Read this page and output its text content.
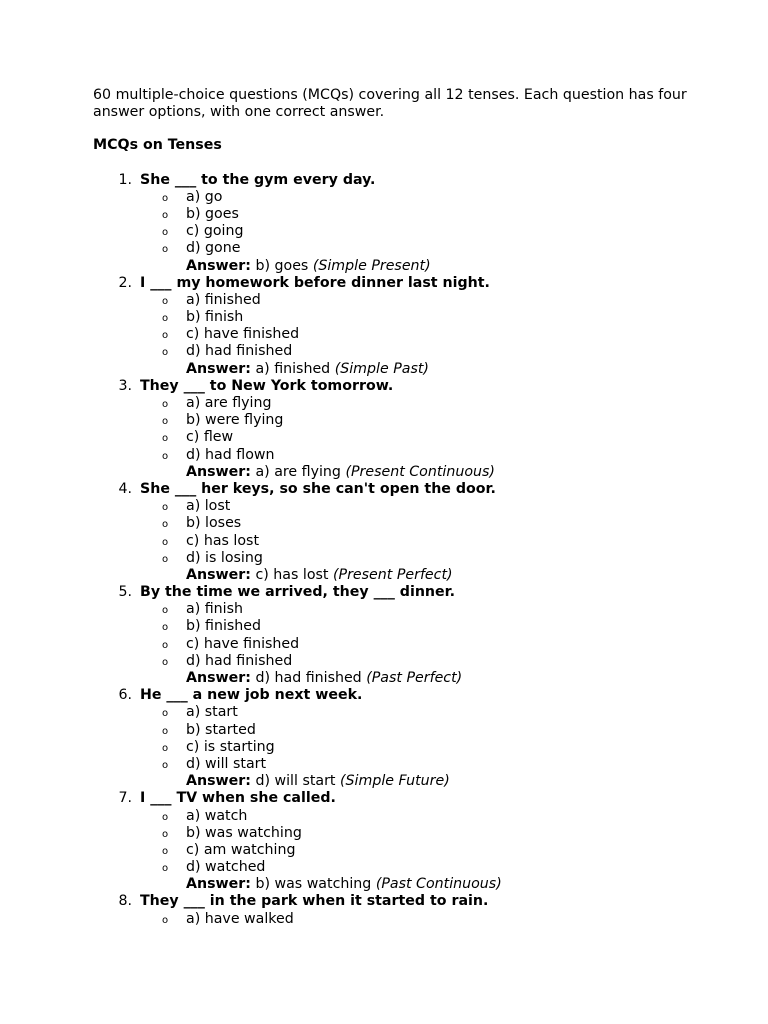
60 multiple-choice questions (MCQs) covering all 12 tenses. Each question has four answer options, with one correct answer.

MCQs on Tenses

1. She ___ to the gym every day.
o a) go
o b) goes
o c) going
o d) gone
Answer: b) goes (Simple Present)
2. I ___ my homework before dinner last night.
o a) finished
o b) finish
o c) have finished
o d) had finished
Answer: a) finished (Simple Past)
3. They ___ to New York tomorrow.
o a) are flying
o b) were flying
o c) flew
o d) had flown
Answer: a) are flying (Present Continuous)
4. She ___ her keys, so she can't open the door.
o a) lost
o b) loses
o c) has lost
o d) is losing
Answer: c) has lost (Present Perfect)
5. By the time we arrived, they ___ dinner.
o a) finish
o b) finished
o c) have finished
o d) had finished
Answer: d) had finished (Past Perfect)
6. He ___ a new job next week.
o a) start
o b) started
o c) is starting
o d) will start
Answer: d) will start (Simple Future)
7. I ___ TV when she called.
o a) watch
o b) was watching
o c) am watching
o d) watched
Answer: b) was watching (Past Continuous)
8. They ___ in the park when it started to rain.
o a) have walked
